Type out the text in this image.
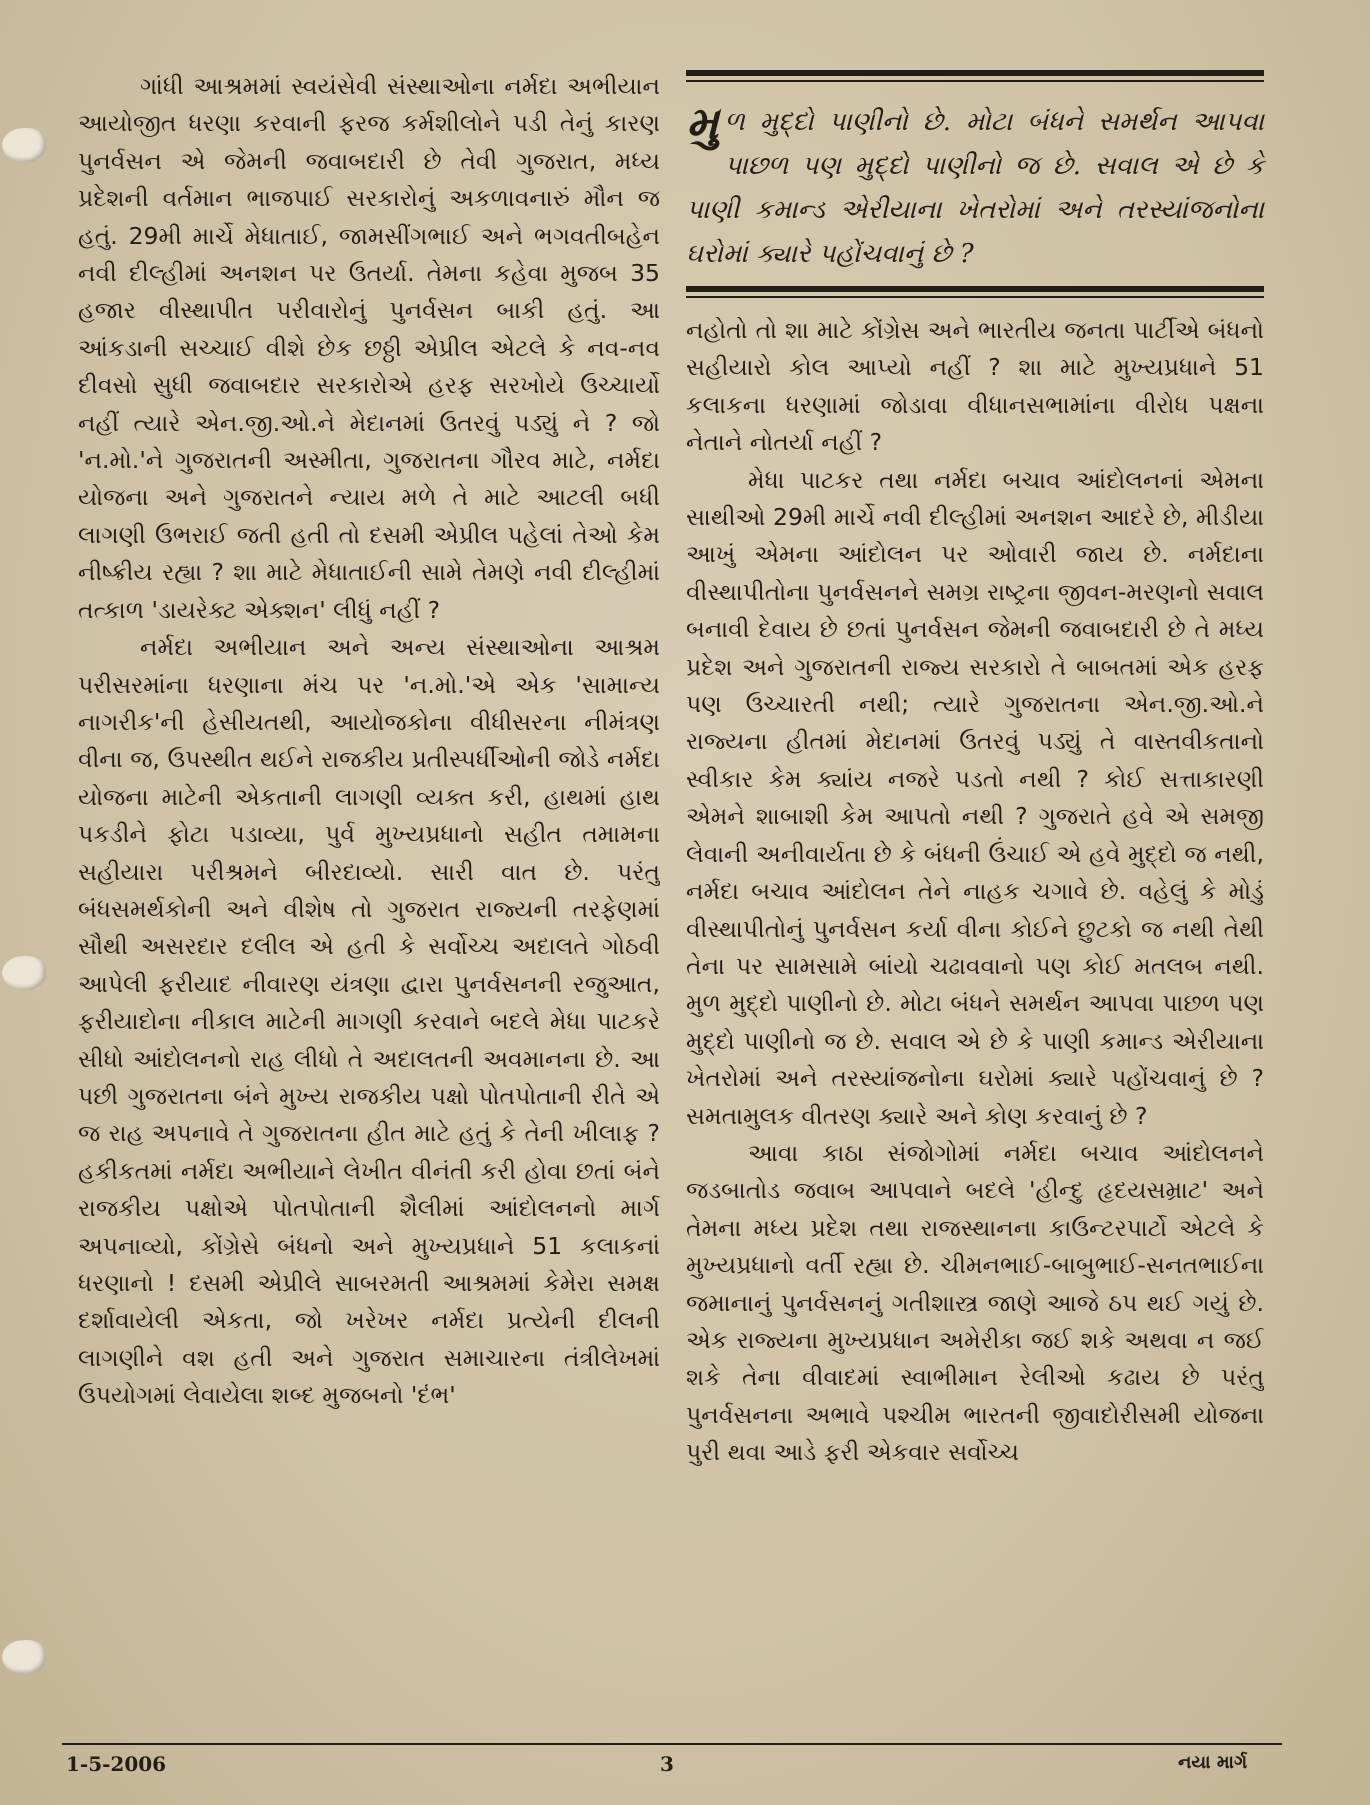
ગાંધી આશ્રમમાં સ્વયંસેવી સંસ્થાઓના નર્મદા અભીયાન આયોજીત ધરણા કરવાની ફરજ કર્મશીલોને પડી તેનું કારણ પુનર્વસન એ જેમની જવાબદારી છે તેવી ગુજરાત, મધ્ય પ્રદેશની વર્તમાન ભાજપાઈ સરકારોનું અકળાવનારું મૌન જ હતું. 29મી માર્ચે મેધાતાઈ, જામસીંગભાઈ અને ભગવતીબહેન નવી દીલ્હીમાં અનશન પર ઉતર્યા. તેમના કહેવા મુજબ 35 હજાર વીસ્થાપીત પરીવારોનું પુનર્વસન બાકી હતું. આ આંકડાની સચ્ચાઈ વીશે છેક છઠ્ઠી એપ્રીલ એટલે કે નવ-નવ દીવસો સુધી જવાબદાર સરકારોએ હરફ સરખોયે ઉચ્ચાર્યો નહીં ત્યારે એન.જી.ઓ.ને મેદાનમાં ઉતરવું પડ્યું ને ? જો 'ન.મો.'ને ગુજરાતની અસ્મીતા, ગુજરાતના ગૌરવ માટે, નર્મદા યોજના અને ગુજરાતને ન્યાય મળે તે માટે આટલી બધી લાગણી ઉભરાઈ જતી હતી તો દસમી એપ્રીલ પહેલાં તેઓ કેમ નીષ્ક્રીય રહ્યા ? શા માટે મેધાતાઈની સામે તેમણે નવી દીલ્હીમાં તત્કાળ 'ડાયરેક્ટ એક્શન' લીધું નહીં ?

નર્મદા અભીયાન અને અન્ય સંસ્થાઓના આશ્રમ પરીસરમાંના ધરણાના મંચ પર 'ન.મો.'એ એક 'સામાન્ય નાગરીક'ની હેસીયતથી, આયોજકોના વીધીસરના નીમંત્રણ વીના જ, ઉપસ્થીત થઈને રાજકીય પ્રતીસ્પર્ધીઓની જોડે નર્મદા યોજના માટેની એકતાની લાગણી વ્યક્ત કરી, હાથમાં હાથ પકડીને ફોટા પડાવ્યા, પુર્વ મુખ્યપ્રધાનો સહીત તમામના સહીયારા પરીશ્રમને બીરદાવ્યો. સારી વાત છે. પરંતુ બંધસમર્થકોની અને વીશેષ તો ગુજરાત રાજ્યની તરફેણમાં સૌથી અસરદાર દલીલ એ હતી કે સર્વોચ્ચ અદાલતે ગોઠવી આપેલી ફરીયાદ નીવારણ યંત્રણા દ્વારા પુનર્વસનની રજુઆત, ફરીયાદોના નીકાલ માટેની માગણી કરવાને બદલે મેધા પાટકરે સીધો આંદોલનનો રાહ લીધો તે અદાલતની અવમાનના છે. આ પછી ગુજરાતના બંને મુખ્ય રાજકીય પક્ષો પોતપોતાની રીતે એ જ રાહ અપનાવે તે ગુજરાતના હીત માટે હતું કે તેની ખીલાફ ? હકીકતમાં નર્મદા અભીયાને લેખીત વીનંતી કરી હોવા છતાં બંને રાજકીય પક્ષોએ પોતપોતાની શૈલીમાં આંદોલનનો માર્ગ અપનાવ્યો, કોંગ્રેસે બંધનો અને મુખ્યપ્રધાને 51 કલાકનાં ધરણાનો ! દસમી એપ્રીલે સાબરમતી આશ્રમમાં કેમેરા સમક્ષ દર્શાવાયેલી એકતા, જો ખરેખર નર્મદા પ્રત્યેની દીલની લાગણીને વશ હતી અને ગુજરાત સમાચારના તંત્રીલેખમાં ઉપયોગમાં લેવાયેલા શબ્દ મુજબનો 'દંભ'

મુળ મુદ્દો પાણીનો છે. મોટા બંધને સમર્થન આપવા પાછળ પણ મુદ્દો પાણીનો જ છે. સવાલ એ છે કે પાણી કમાન્ડ એરીયાના ખેતરોમાં અને તરસ્યાંજનોના ઘરોમાં ક્યારે પહોંચવાનું છે ?

નહોતો તો શા માટે કોંગ્રેસ અને ભારતીય જનતા પાર્ટીએ બંધનો સહીયારો કોલ આપ્યો નહીં ? શા માટે મુખ્યપ્રધાને 51 કલાકના ધરણામાં જોડાવા વીધાનસભામાંના વીરોધ પક્ષના નેતાને નોતર્યા નહીં ?

મેધા પાટકર તથા નર્મદા બચાવ આંદોલનનાં એમના સાથીઓ 29મી માર્ચે નવી દીલ્હીમાં અનશન આદરે છે, મીડીયા આખું એમના આંદોલન પર ઓવારી જાય છે. નર્મદાના વીસ્થાપીતોના પુનર્વસનને સમગ્ર રાષ્ટ્રના જીવન-મરણનો સવાલ બનાવી દેવાય છે છતાં પુનર્વસન જેમની જવાબદારી છે તે મધ્ય પ્રદેશ અને ગુજરાતની રાજ્ય સરકારો તે બાબતમાં એક હરફ પણ ઉચ્ચારતી નથી; ત્યારે ગુજરાતના એન.જી.ઓ.ને રાજ્યના હીતમાં મેદાનમાં ઉતરવું પડ્યું તે વાસ્તવીકતાનો સ્વીકાર કેમ ક્યાંય નજરે પડતો નથી ? કોઈ સત્તાકારણી એમને શાબાશી કેમ આપતો નથી ? ગુજરાતે હવે એ સમજી લેવાની અનીવાર્યતા છે કે બંધની ઉંચાઈ એ હવે મુદ્દો જ નથી, નર્મદા બચાવ આંદોલન તેને નાહક ચગાવે છે. વહેલું કે મોડું વીસ્થાપીતોનું પુનર્વસન કર્યા વીના કોઈને છુટકો જ નથી તેથી તેના પર સામસામે બાંયો ચઢાવવાનો પણ કોઈ મતલબ નથી. મુળ મુદ્દો પાણીનો છે. મોટા બંધને સમર્થન આપવા પાછળ પણ મુદ્દો પાણીનો જ છે. સવાલ એ છે કે પાણી કમાન્ડ એરીયાના ખેતરોમાં અને તરસ્યાંજનોના ઘરોમાં ક્યારે પહોંચવાનું છે ? સમતામુલક વીતરણ ક્યારે અને કોણ કરવાનું છે ?

આવા કાઠા સંજોગોમાં નર્મદા બચાવ આંદોલનને જડબાતોડ જવાબ આપવાને બદલે 'હીન્દુ હૃદયસમ્રાટ' અને તેમના મધ્ય પ્રદેશ તથા રાજસ્થાનના કાઉન્ટરપાર્ટો એટલે કે મુખ્યપ્રધાનો વર્તી રહ્યા છે. ચીમનભાઈ-બાબુભાઈ-સનતભાઈના જમાનાનું પુનર્વસનનું ગતીશાસ્ત્ર જાણે આજે ઠપ થઈ ગયું છે. એક રાજ્યના મુખ્યપ્રધાન અમેરીકા જઈ શકે અથવા ન જઈ શકે તેના વીવાદમાં સ્વાભીમાન રેલીઓ કઢાય છે પરંતુ પુનર્વસનના અભાવે પશ્ચીમ ભારતની જીવાદોરીસમી યોજના પુરી થવા આડે ફરી એકવાર સર્વોચ્ચ

1-5-2006	3	નયા માર્ગ
